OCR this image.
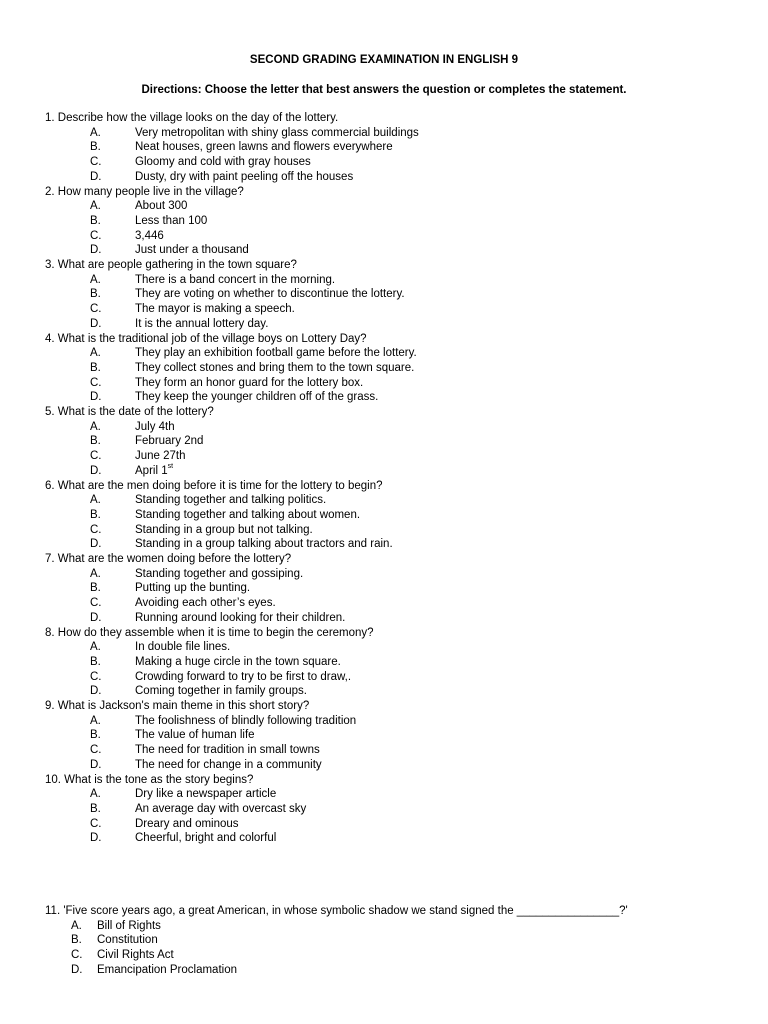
SECOND GRADING EXAMINATION IN ENGLISH 9
Directions: Choose the letter that best answers the question or completes the statement.
1. Describe how the village looks on the day of the lottery.
A.	Very metropolitan with shiny glass commercial buildings
B.	Neat houses, green lawns and flowers everywhere
C.	Gloomy and cold with gray houses
D.	Dusty, dry with paint peeling off the houses
2. How many people live in the village?
A.	About 300
B.	Less than 100
C.	3,446
D.	Just under a thousand
3. What are people gathering in the town square?
A.	There is a band concert in the morning.
B.	They are voting on whether to discontinue the lottery.
C.	The mayor is making a speech.
D.	It is the annual lottery day.
4. What is the traditional job of the village boys on Lottery Day?
A.	They play an exhibition football game before the lottery.
B.	They collect stones and bring them to the town square.
C.	They form an honor guard for the lottery box.
D.	They keep the younger children off of the grass.
5. What is the date of the lottery?
A.	July 4th
B.	February 2nd
C.	June 27th
D.	April 1st
6. What are the men doing before it is time for the lottery to begin?
A.	Standing together and talking politics.
B.	Standing together and talking about women.
C.	Standing in a group but not talking.
D.	Standing in a group talking about tractors and rain.
7. What are the women doing before the lottery?
A.	Standing together and gossiping.
B.	Putting up the bunting.
C.	Avoiding each other’s eyes.
D.	Running around looking for their children.
8. How do they assemble when it is time to begin the ceremony?
A.	In double file lines.
B.	Making a huge circle in the town square.
C.	Crowding forward to try to be first to draw,.
D.	Coming together in family groups.
9. What is Jackson's main theme in this short story?
A.	The foolishness of blindly following tradition
B.	The value of human life
C.	The need for tradition in small towns
D.	The need for change in a community
10. What is the tone as the story begins?
A.	Dry like a newspaper article
B.	An average day with overcast sky
C.	Dreary and ominous
D.	Cheerful, bright and colorful
11. 'Five score years ago, a great American, in whose symbolic shadow we stand signed the ________________?'
A. Bill of Rights
B. Constitution
C. Civil Rights Act
D. Emancipation Proclamation
